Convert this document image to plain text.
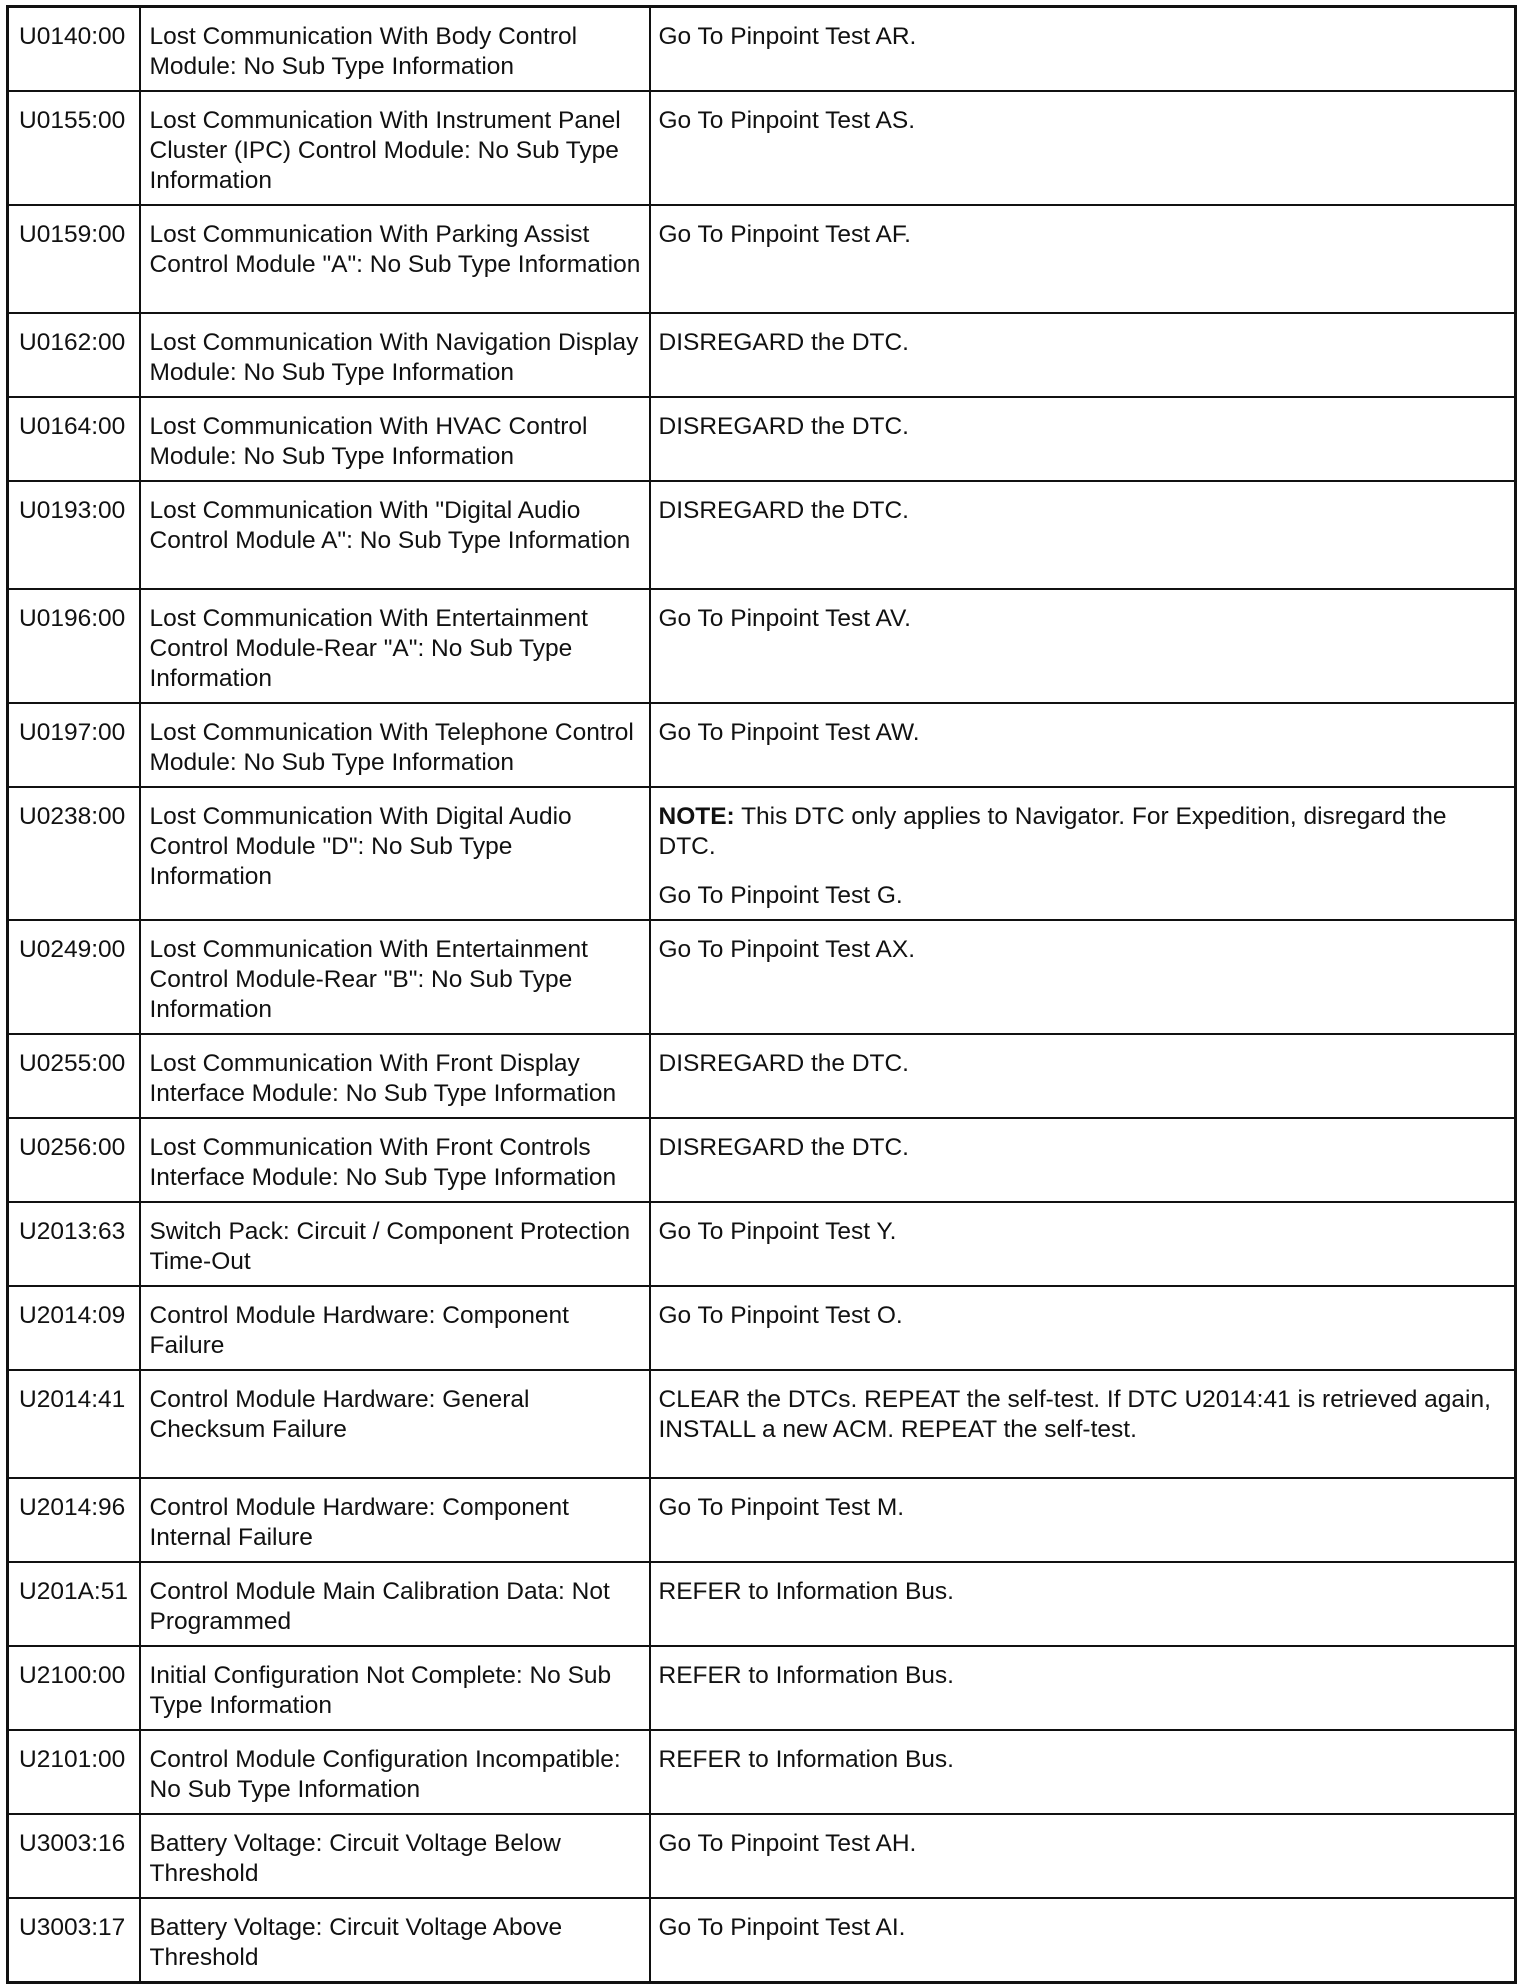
U0140:00	Lost Communication With Body Control Module: No Sub Type Information	Go To Pinpoint Test AR.
U0155:00	Lost Communication With Instrument Panel Cluster (IPC) Control Module: No Sub Type Information	Go To Pinpoint Test AS.
U0159:00	Lost Communication With Parking Assist Control Module "A": No Sub Type Information	Go To Pinpoint Test AF.
U0162:00	Lost Communication With Navigation Display Module: No Sub Type Information	DISREGARD the DTC.
U0164:00	Lost Communication With HVAC Control Module: No Sub Type Information	DISREGARD the DTC.
U0193:00	Lost Communication With "Digital Audio Control Module A": No Sub Type Information	DISREGARD the DTC.
U0196:00	Lost Communication With Entertainment Control Module-Rear "A": No Sub Type Information	Go To Pinpoint Test AV.
U0197:00	Lost Communication With Telephone Control Module: No Sub Type Information	Go To Pinpoint Test AW.
U0238:00	Lost Communication With Digital Audio Control Module "D": No Sub Type Information	NOTE: This DTC only applies to Navigator. For Expedition, disregard the DTC.
Go To Pinpoint Test G.

U0249:00	Lost Communication With Entertainment Control Module-Rear "B": No Sub Type Information	Go To Pinpoint Test AX.
U0255:00	Lost Communication With Front Display Interface Module: No Sub Type Information	DISREGARD the DTC.
U0256:00	Lost Communication With Front Controls Interface Module: No Sub Type Information	DISREGARD the DTC.
U2013:63	Switch Pack: Circuit / Component Protection Time-Out	Go To Pinpoint Test Y.
U2014:09	Control Module Hardware: Component Failure	Go To Pinpoint Test O.
U2014:41	Control Module Hardware: General Checksum Failure	CLEAR the DTCs. REPEAT the self-test. If DTC U2014:41 is retrieved again, INSTALL a new ACM. REPEAT the self-test.
U2014:96	Control Module Hardware: Component Internal Failure	Go To Pinpoint Test M.
U201A:51	Control Module Main Calibration Data: Not Programmed	REFER to Information Bus.
U2100:00	Initial Configuration Not Complete: No Sub Type Information	REFER to Information Bus.
U2101:00	Control Module Configuration Incompatible: No Sub Type Information	REFER to Information Bus.
U3003:16	Battery Voltage: Circuit Voltage Below Threshold	Go To Pinpoint Test AH.
U3003:17	Battery Voltage: Circuit Voltage Above Threshold	Go To Pinpoint Test AI.
